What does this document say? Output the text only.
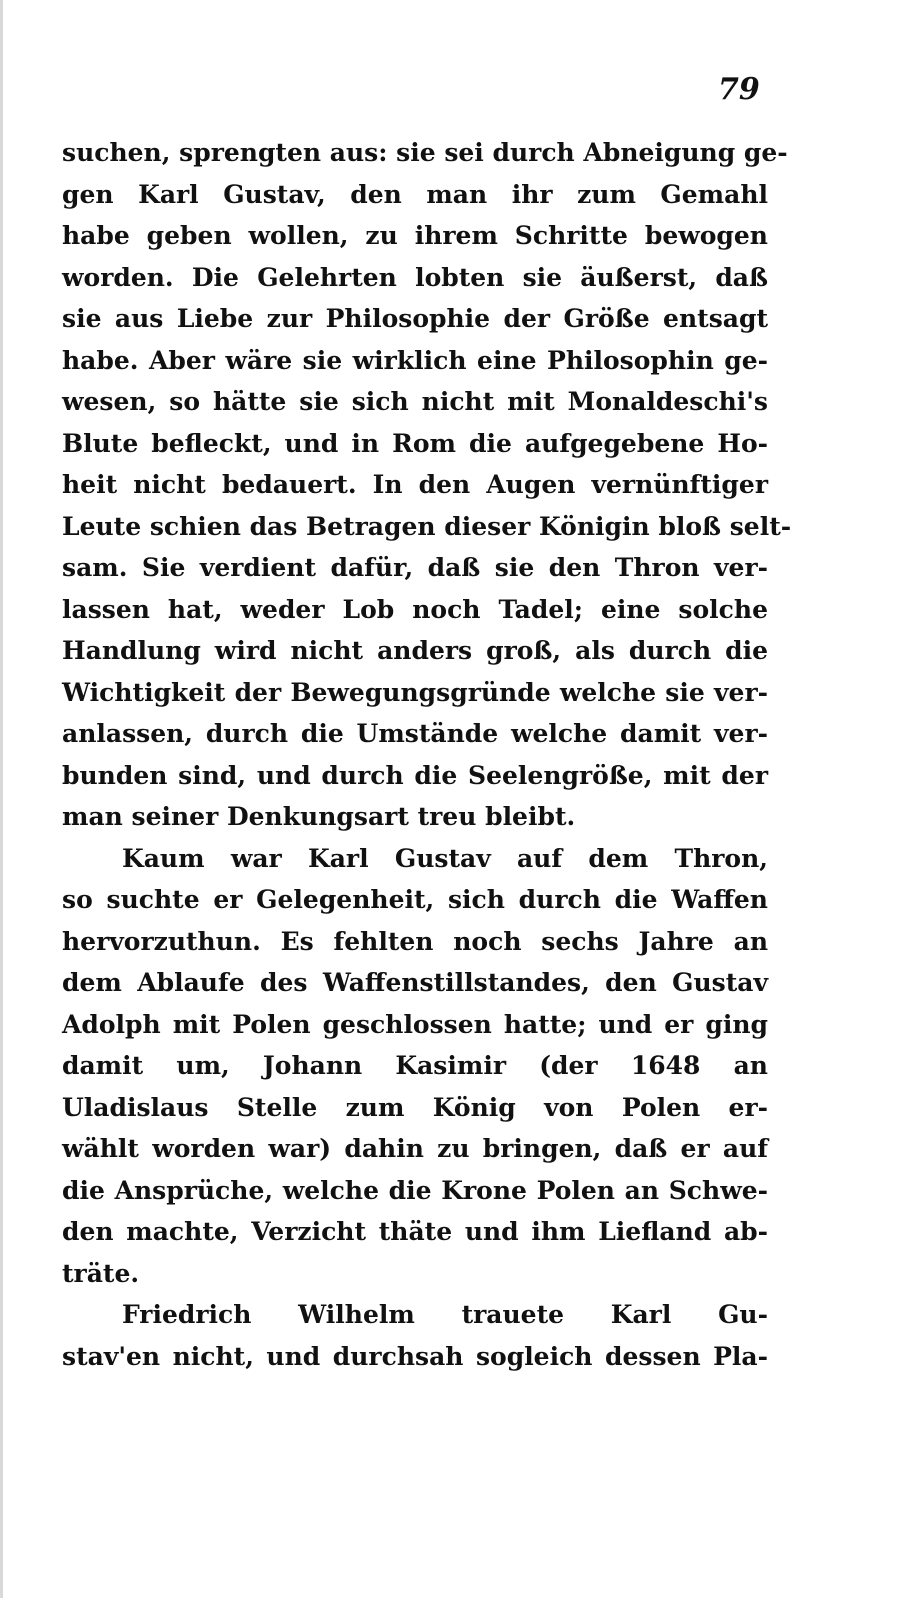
79
suchen, sprengten aus: sie sei durch Abneigung ge-
gen Karl Gustav, den man ihr zum Gemahl
habe geben wollen, zu ihrem Schritte bewogen
worden. Die Gelehrten lobten sie äußerst, daß
sie aus Liebe zur Philosophie der Größe entsagt
habe. Aber wäre sie wirklich eine Philosophin ge-
wesen, so hätte sie sich nicht mit Monaldeschi's
Blute befleckt, und in Rom die aufgegebene Ho-
heit nicht bedauert. In den Augen vernünftiger
Leute schien das Betragen dieser Königin bloß selt-
sam. Sie verdient dafür, daß sie den Thron ver-
lassen hat, weder Lob noch Tadel; eine solche
Handlung wird nicht anders groß, als durch die
Wichtigkeit der Bewegungsgründe welche sie ver-
anlassen, durch die Umstände welche damit ver-
bunden sind, und durch die Seelengröße, mit der
man seiner Denkungsart treu bleibt.
Kaum war Karl Gustav auf dem Thron,
so suchte er Gelegenheit, sich durch die Waffen
hervorzuthun. Es fehlten noch sechs Jahre an
dem Ablaufe des Waffenstillstandes, den Gustav
Adolph mit Polen geschlossen hatte; und er ging
damit um, Johann Kasimir (der 1648 an
Uladislaus Stelle zum König von Polen er-
wählt worden war) dahin zu bringen, daß er auf
die Ansprüche, welche die Krone Polen an Schwe-
den machte, Verzicht thäte und ihm Liefland ab-
träte.
Friedrich Wilhelm trauete Karl Gu-
stav'en nicht, und durchsah sogleich dessen Pla-
